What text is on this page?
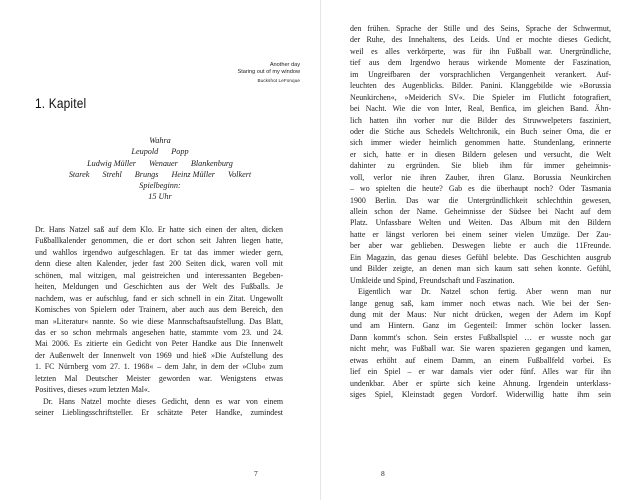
Another day
Staring out of my window
Buckshot LeFonque
1. Kapitel
Wahra
Leupold Popp
Ludwig Müller Wenauer Blankenburg
Starek Strehl Brungs Heinz Müller Volkert
Spielbeginn:
15 Uhr
Dr. Hans Natzel saß auf dem Klo. Er hatte sich einen der alten, dicken
Fußballkalender genommen, die er dort schon seit Jahren liegen hatte,
und wahllos irgendwo aufgeschlagen. Er tat das immer wieder gern,
denn diese alten Kalender, jeder fast 200 Seiten dick, waren voll mit
schönen, mal witzigen, mal geistreichen und interessanten Begeben-
heiten, Meldungen und Geschichten aus der Welt des Fußballs. Je
nachdem, was er aufschlug, fand er sich schnell in ein Zitat. Ungewollt
Komisches von Spielern oder Trainern, aber auch aus dem Bereich, den
man »Literatur« nannte. So wie diese Mannschaftsaufstellung. Das Blatt,
das er so schon mehrmals angesehen hatte, stammte vom 23. und 24.
Mai 2006. Es zitierte ein Gedicht von Peter Handke aus Die Innenwelt
der Außenwelt der Innenwelt von 1969 und hieß »Die Aufstellung des
1. FC Nürnberg vom 27. 1. 1968« – dem Jahr, in dem der »Club« zum
letzten Mal Deutscher Meister geworden war. Wenigstens etwas
Positives, dieses »zum letzten Mal«.
Dr. Hans Natzel mochte dieses Gedicht, denn es war von einem
seiner Lieblingsschriftsteller. Er schätzte Peter Handke, zumindest
7
den frühen. Sprache der Stille und des Seins, Sprache der Schwermut,
der Ruhe, des Innehaltens, des Leids. Und er mochte dieses Gedicht,
weil es alles verkörperte, was für ihn Fußball war. Unergründliche,
tief aus dem Irgendwo heraus wirkende Momente der Faszination,
im Ungreifbaren der vorsprachlichen Vergangenheit verankert. Auf-
leuchten des Augenblicks. Bilder. Panini. Klanggebilde wie »Borussia
Neunkirchen«, »Meiderich SV«. Die Spieler im Flutlicht fotografiert,
bei Nacht. Wie die von Inter, Real, Benfica, im gleichen Band. Ähn-
lich hatten ihn vorher nur die Bilder des Struwwelpeters fasziniert,
oder die Stiche aus Schedels Weltchronik, ein Buch seiner Oma, die er
sich immer wieder heimlich genommen hatte. Stundenlang, erinnerte
er sich, hatte er in diesen Bildern gelesen und versucht, die Welt
dahinter zu ergründen. Sie blieb ihm für immer geheimnis-
voll, verlor nie ihren Zauber, ihren Glanz. Borussia Neunkirchen
– wo spielten die heute? Gab es die überhaupt noch? Oder Tasmania
1900 Berlin. Das war die Untergründlichkeit schlechthin gewesen,
allein schon der Name. Geheimnisse der Südsee bei Nacht auf dem
Platz. Unfassbare Welten und Weiten. Das Album mit den Bildern
hatte er längst verloren bei einem seiner vielen Umzüge. Der Zau-
ber aber war geblieben. Deswegen liebte er auch die 11Freunde.
Ein Magazin, das genau dieses Gefühl belebte. Das Geschichten ausgrub
und Bilder zeigte, an denen man sich kaum satt sehen konnte. Gefühl,
Umkleide und Spind, Freundschaft und Faszination.
Eigentlich war Dr. Natzel schon fertig. Aber wenn man nur
lange genug saß, kam immer noch etwas nach. Wie bei der Sen-
dung mit der Maus: Nur nicht drücken, wegen der Adern im Kopf
und am Hintern. Ganz im Gegenteil: Immer schön locker lassen.
Dann kommt's schon. Sein erstes Fußballspiel … er wusste noch gar
nicht mehr, was Fußball war. Sie waren spazieren gegangen und kamen,
etwas erhöht auf einem Damm, an einem Fußballfeld vorbei. Es
lief ein Spiel – er war damals vier oder fünf. Alles war für ihn
undenkbar. Aber er spürte sich keine Ahnung. Irgendein unterklass-
siges Spiel, Kleinstadt gegen Vordorf. Widerwillig hatte ihm sein
8
